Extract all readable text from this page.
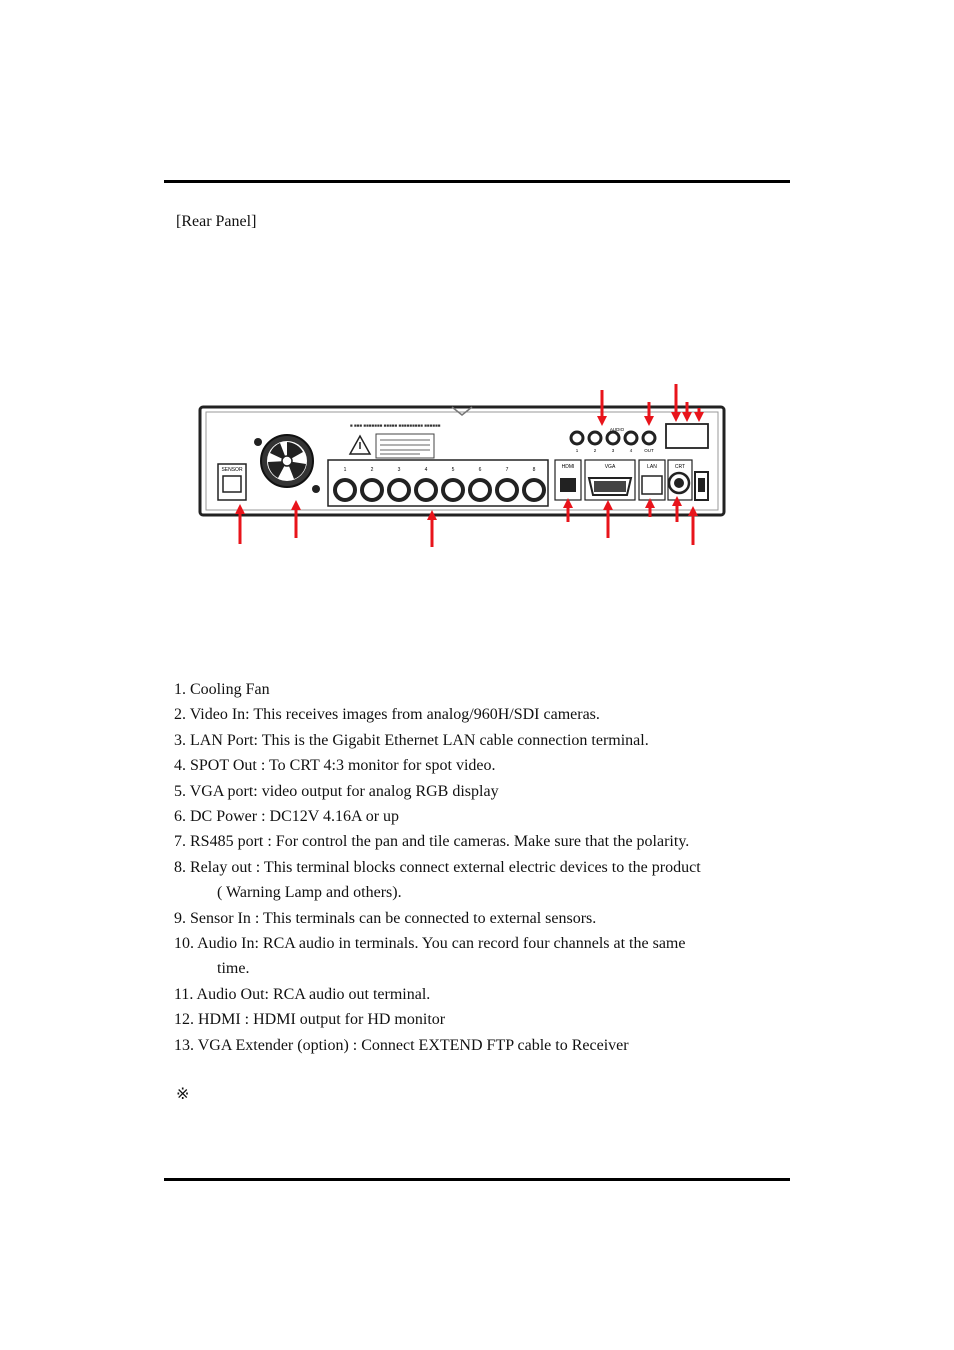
[Rear Panel]
SENSOR
■ ■■■ ■■■■■■■ ■■■■■ ■■■■■■■■■ ■■■■■■
1	2	3	4	5	6	7	8	HDMI	VGA	LAN	CRT
AUDIO
1	2	3	4	OUT
1. Cooling Fan
2. Video In: This receives images from analog/960H/SDI cameras.
3. LAN Port: This is the Gigabit Ethernet LAN cable connection terminal.
4. SPOT Out : To CRT 4:3 monitor for spot video.
5. VGA port: video output for analog RGB display
6. DC Power : DC12V 4.16A or up
7. RS485 port : For control the pan and tile cameras. Make sure that the polarity.
8. Relay out : This terminal blocks connect external electric devices to the product
( Warning Lamp and others).
9. Sensor In : This terminals can be connected to external sensors.
10. Audio In: RCA audio in terminals. You can record four channels at the same
time.
11. Audio Out: RCA audio out terminal.
12. HDMI : HDMI output for HD monitor
13. VGA Extender (option) : Connect EXTEND FTP cable to Receiver
※
